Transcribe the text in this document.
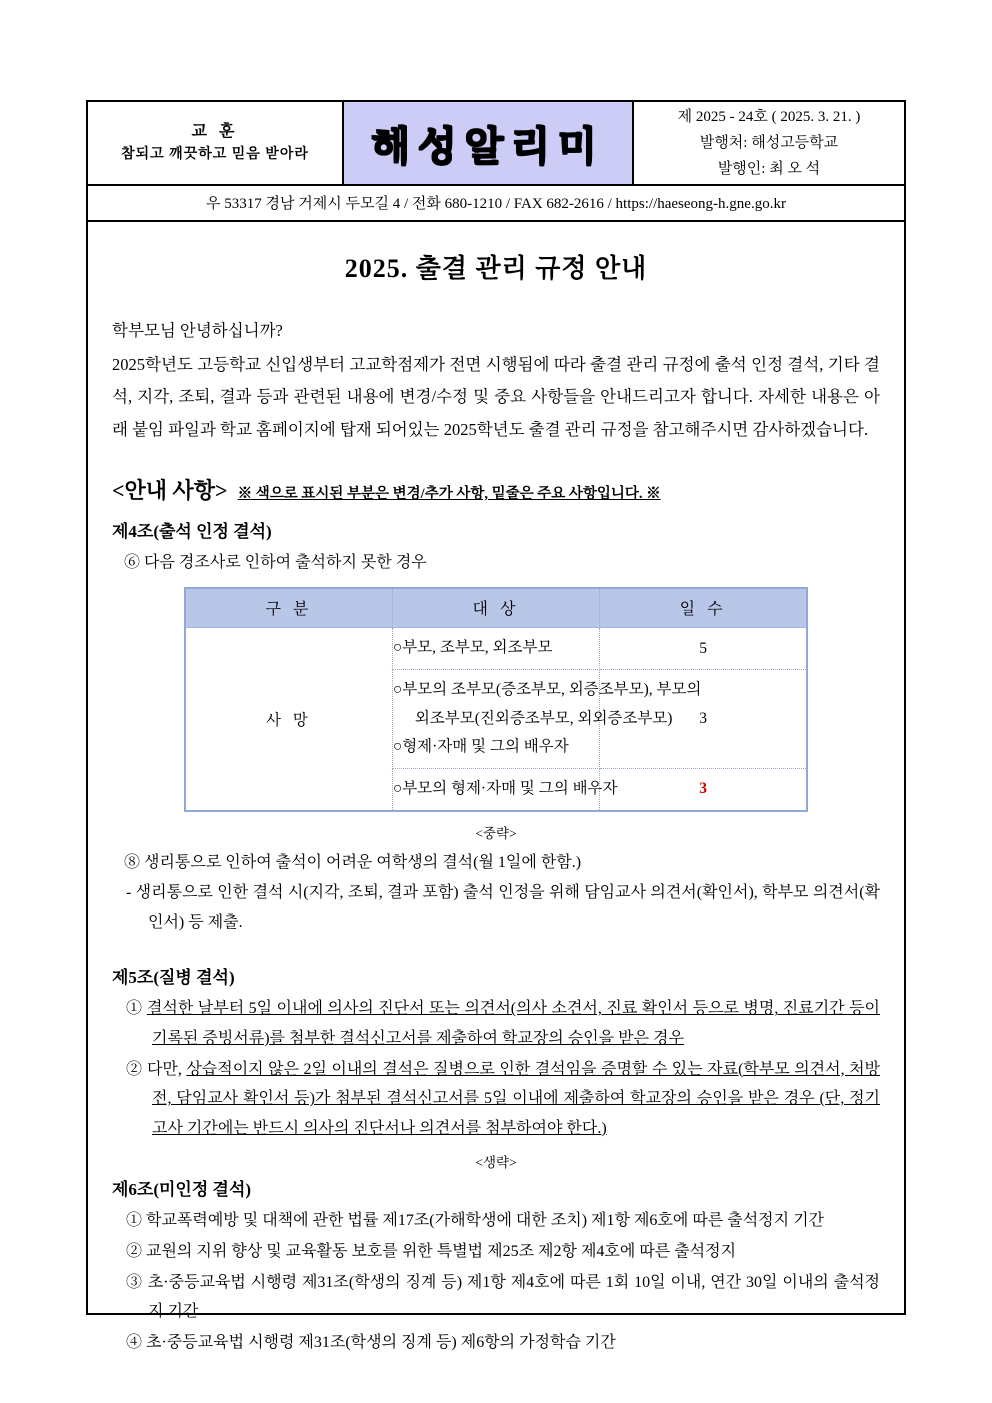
교 훈
참되고 깨끗하고 믿음 받아라 해성알리미
제 2025 - 24호 ( 2025. 3. 21. )
발행처: 해성고등학교
발행인: 최 오 석
우 53317 경남 거제시 두모길 4 / 전화 680-1210 / FAX 682-2616 / https://haeseong-h.gne.go.kr
2025. 출결 관리 규정 안내

학부모님 안녕하십니까?

2025학년도 고등학교 신입생부터 고교학점제가 전면 시행됨에 따라 출결 관리 규정에 출석 인정 결석, 기타 결석, 지각, 조퇴, 결과 등과 관련된 내용에 변경/수정 및 중요 사항들을 안내드리고자 합니다. 자세한 내용은 아래 붙임 파일과 학교 홈페이지에 탑재 되어있는 2025학년도 출결 관리 규정을 참고해주시면 감사하겠습니다.

<안내 사항> ※ 색으로 표시된 부분은 변경/추가 사항, 밑줄은 주요 사항입니다. ※
제4조(출석 인정 결석)
⑥ 다음 경조사로 인하여 출석하지 못한 경우
구 분	대 상	일 수
사 망	○부모, 조부모, 외조부모	5

	○부모의 조부모(증조부모, 외증조부모), 부모의
외조부모(진외증조부모, 외외증조부모)
○형제·자매 및 그의 배우자	3

	○부모의 형제·자매 및 그의 배우자	3
<중략>
⑧ 생리통으로 인하여 출석이 어려운 여학생의 결석(월 1일에 한함.)
- 생리통으로 인한 결석 시(지각, 조퇴, 결과 포함) 출석 인정을 위해 담임교사 의견서(확인서), 학부모 의견서(확인서) 등 제출.
제5조(질병 결석)
① 결석한 날부터 5일 이내에 의사의 진단서 또는 의견서(의사 소견서, 진료 확인서 등으로 병명, 진료기간 등이 기록된 증빙서류)를 첨부한 결석신고서를 제출하여 학교장의 승인을 받은 경우
② 다만, 상습적이지 않은 2일 이내의 결석은 질병으로 인한 결석임을 증명할 수 있는 자료(학부모 의견서, 처방전, 담임교사 확인서 등)가 첨부된 결석신고서를 5일 이내에 제출하여 학교장의 승인을 받은 경우 (단, 정기고사 기간에는 반드시 의사의 진단서나 의견서를 첨부하여야 한다.)
<생략>
제6조(미인정 결석)
① 학교폭력예방 및 대책에 관한 법률 제17조(가해학생에 대한 조치) 제1항 제6호에 따른 출석정지 기간
② 교원의 지위 향상 및 교육활동 보호를 위한 특별법 제25조 제2항 제4호에 따른 출석정지
③ 초·중등교육법 시행령 제31조(학생의 징계 등) 제1항 제4호에 따른 1회 10일 이내, 연간 30일 이내의 출석정지 기간
④ 초·중등교육법 시행령 제31조(학생의 징계 등) 제6항의 가정학습 기간
